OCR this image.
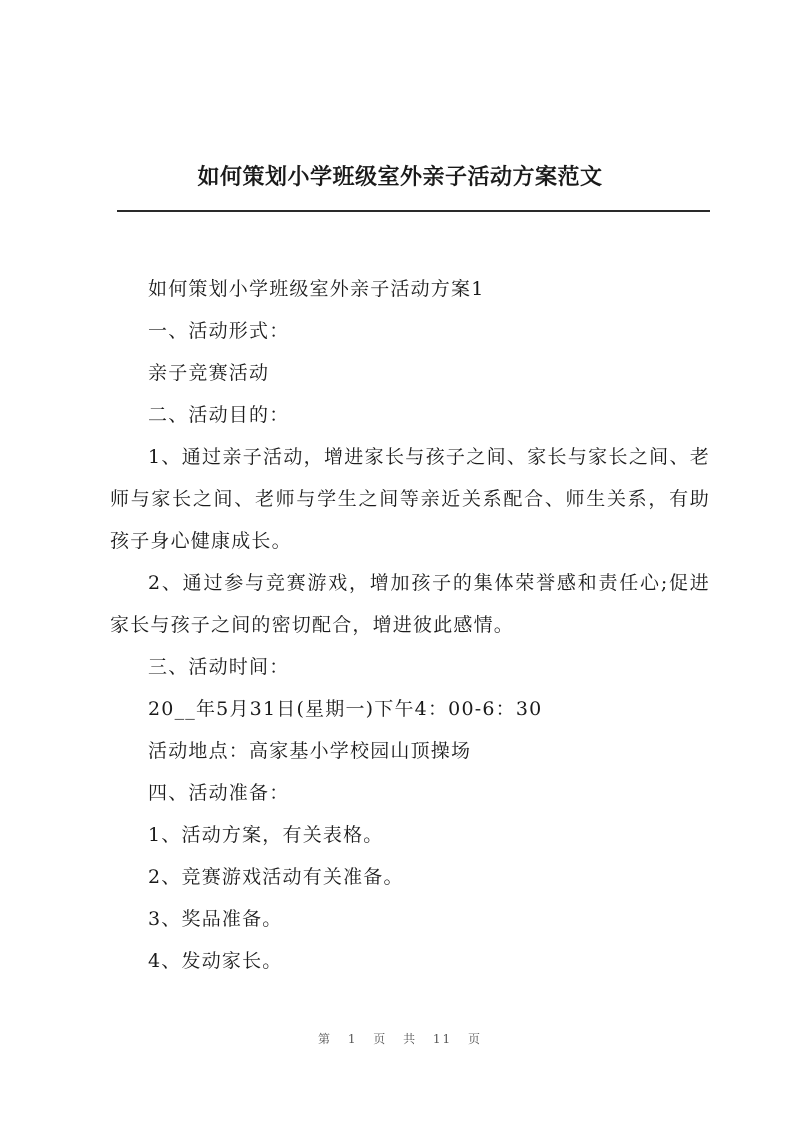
如何策划小学班级室外亲子活动方案范文

如何策划小学班级室外亲子活动方案1

一、活动形式：

亲子竞赛活动

二、活动目的：

1、通过亲子活动，增进家长与孩子之间、家长与家长之间、老师与家长之间、老师与学生之间等亲近关系配合、师生关系，有助孩子身心健康成长。

2、通过参与竞赛游戏，增加孩子的集体荣誉感和责任心;促进家长与孩子之间的密切配合，增进彼此感情。

三、活动时间：

20__年5月31日(星期一)下午4：00-6：30

活动地点：高家基小学校园山顶操场

四、活动准备：

1、活动方案，有关表格。

2、竞赛游戏活动有关准备。

3、奖品准备。

4、发动家长。

第 1 页 共 11 页
